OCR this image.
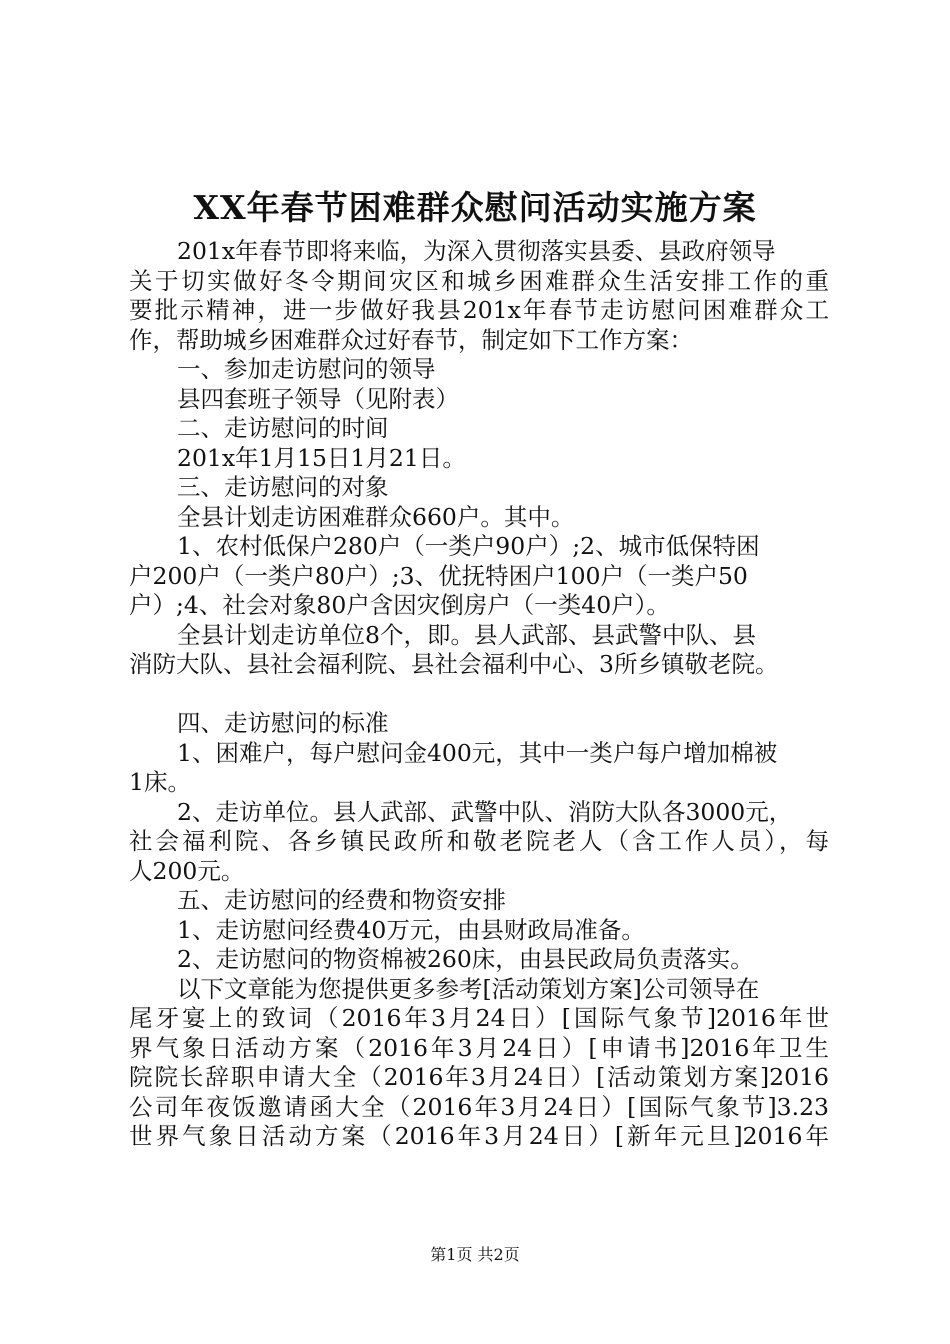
XX年春节困难群众慰问活动实施方案
201x年春节即将来临，为深入贯彻落实县委、县政府领导
关于切实做好冬令期间灾区和城乡困难群众生活安排工作的重
要批示精神，进一步做好我县201x年春节走访慰问困难群众工
作，帮助城乡困难群众过好春节，制定如下工作方案：
一、参加走访慰问的领导
县四套班子领导（见附表）
二、走访慰问的时间
201x年1月15日1月21日。
三、走访慰问的对象
全县计划走访困难群众660户。其中。
1、农村低保户280户（一类户90户）;2、城市低保特困
户200户（一类户80户）;3、优抚特困户100户（一类户50
户）;4、社会对象80户含因灾倒房户（一类40户）。
全县计划走访单位8个，即。县人武部、县武警中队、县
消防大队、县社会福利院、县社会福利中心、3所乡镇敬老院。
四、走访慰问的标准
1、困难户，每户慰问金400元，其中一类户每户增加棉被
1床。
2、走访单位。县人武部、武警中队、消防大队各3000元，
社会福利院、各乡镇民政所和敬老院老人（含工作人员），每
人200元。
五、走访慰问的经费和物资安排
1、走访慰问经费40万元，由县财政局准备。
2、走访慰问的物资棉被260床，由县民政局负责落实。
以下文章能为您提供更多参考[活动策划方案]公司领导在
尾牙宴上的致词（2016年3月24日）[国际气象节]2016年世
界气象日活动方案（2016年3月24日）[申请书]2016年卫生
院院长辞职申请大全（2016年3月24日）[活动策划方案]2016
公司年夜饭邀请函大全（2016年3月24日）[国际气象节]3.23
世界气象日活动方案（2016年3月24日）[新年元旦]2016年
第1页 共2页
